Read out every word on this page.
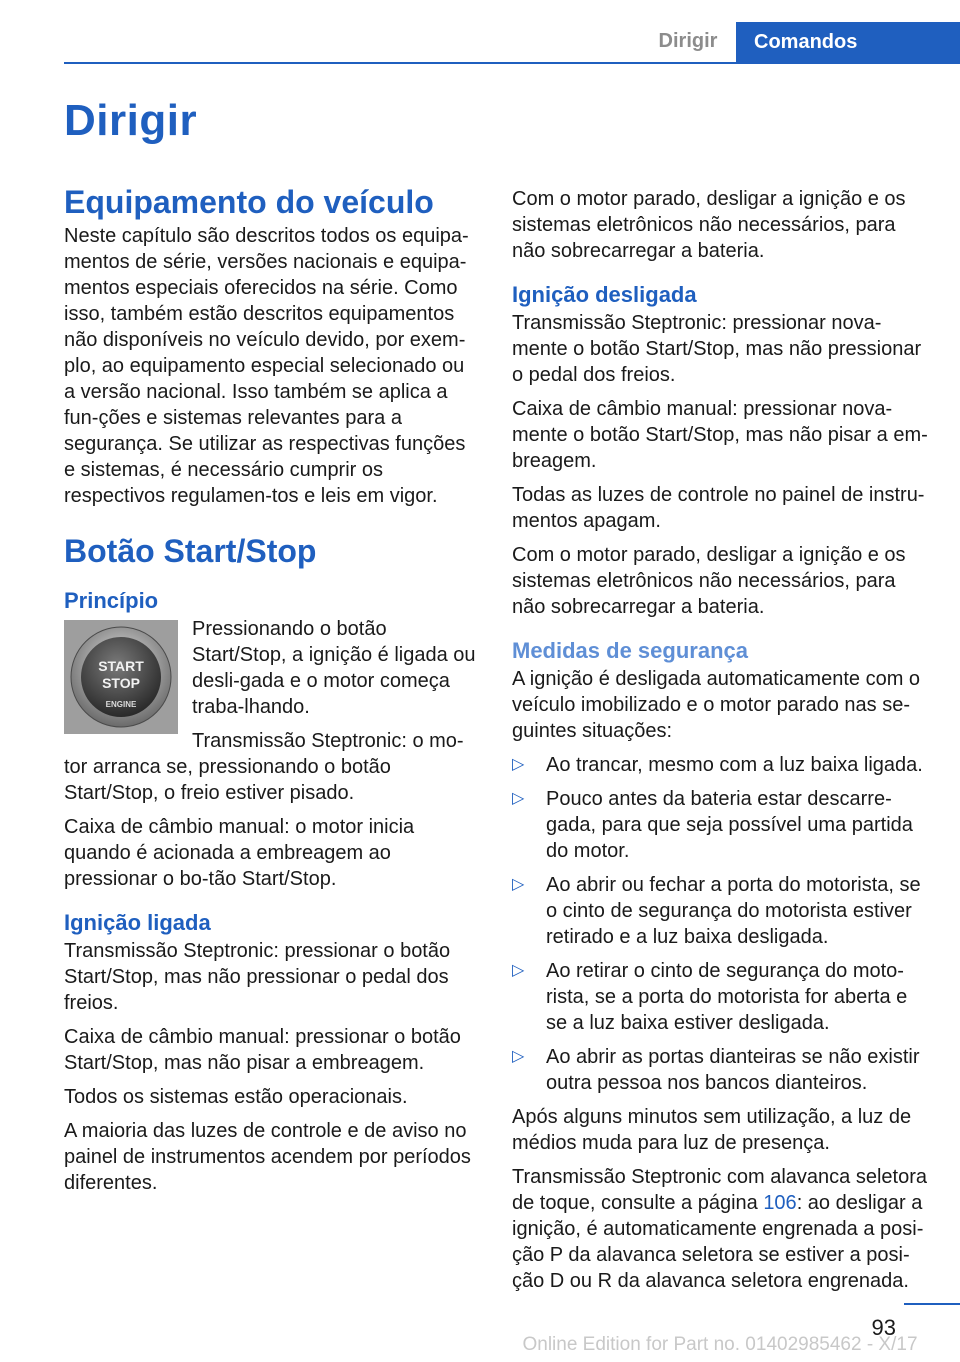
Dirigir	Comandos
Dirigir
Equipamento do veículo

Neste capítulo são descritos todos os equipa-mentos de série, versões nacionais e equipa-mentos especiais oferecidos na série. Como isso, também estão descritos equipamentos não disponíveis no veículo devido, por exem-plo, ao equipamento especial selecionado ou a versão nacional. Isso também se aplica a fun-ções e sistemas relevantes para a segurança. Se utilizar as respectivas funções e sistemas, é necessário cumprir os respectivos regulamen-tos e leis em vigor.

Botão Start/Stop
Princípio
START
STOP
ENGINE

Pressionando o botão Start/Stop, a ignição é ligada ou desli-gada e o motor começa traba-lhando.

Transmissão Steptronic: o mo-tor arranca se, pressionando o botão Start/Stop, o freio estiver pisado.

Caixa de câmbio manual: o motor inicia quando é acionada a embreagem ao pressionar o bo-tão Start/Stop.

Ignição ligada

Transmissão Steptronic: pressionar o botão Start/Stop, mas não pressionar o pedal dos freios.

Caixa de câmbio manual: pressionar o botão Start/Stop, mas não pisar a embreagem.

Todos os sistemas estão operacionais.

A maioria das luzes de controle e de aviso no painel de instrumentos acendem por períodos diferentes.

Com o motor parado, desligar a ignição e os sistemas eletrônicos não necessários, para não sobrecarregar a bateria.

Ignição desligada

Transmissão Steptronic: pressionar nova-mente o botão Start/Stop, mas não pressionar o pedal dos freios.

Caixa de câmbio manual: pressionar nova-mente o botão Start/Stop, mas não pisar a em-breagem.

Todas as luzes de controle no painel de instru-mentos apagam.

Com o motor parado, desligar a ignição e os sistemas eletrônicos não necessários, para não sobrecarregar a bateria.

Medidas de segurança

A ignição é desligada automaticamente com o veículo imobilizado e o motor parado nas se-guintes situações:

▷ Ao trancar, mesmo com a luz baixa ligada.
▷ Pouco antes da bateria estar descarre-gada, para que seja possível uma partida do motor.
▷ Ao abrir ou fechar a porta do motorista, se o cinto de segurança do motorista estiver retirado e a luz baixa desligada.
▷ Ao retirar o cinto de segurança do moto-rista, se a porta do motorista for aberta e se a luz baixa estiver desligada.
▷ Ao abrir as portas dianteiras se não existir outra pessoa nos bancos dianteiros.

Após alguns minutos sem utilização, a luz de médios muda para luz de presença.

Transmissão Steptronic com alavanca seletora de toque, consulte a página 106: ao desligar a ignição, é automaticamente engrenada a posi-ção P da alavanca seletora se estiver a posi-ção D ou R da alavanca seletora engrenada.

93
Online Edition for Part no. 01402985462 - X/17
